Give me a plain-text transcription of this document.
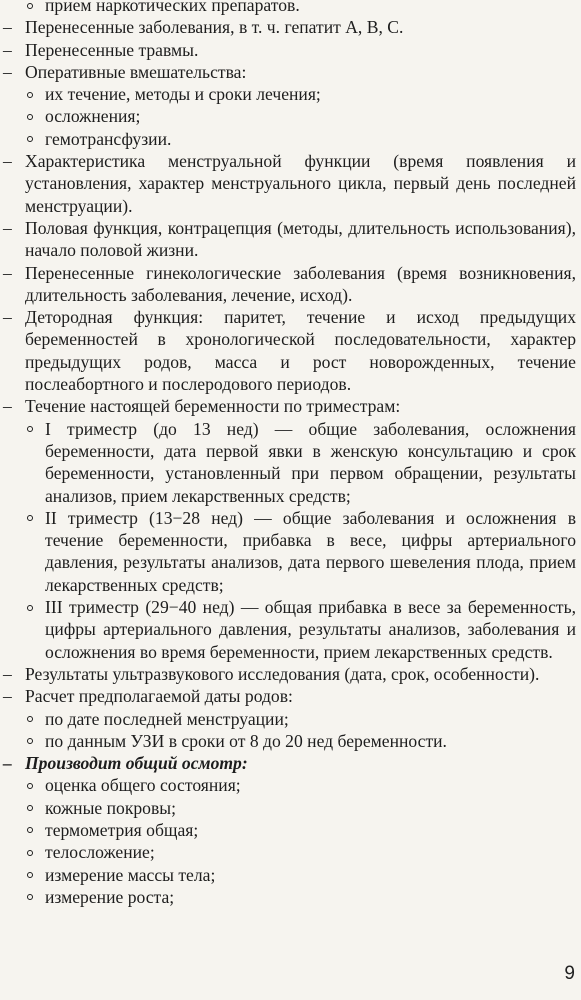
прием наркотических препаратов.
– Перенесенные заболевания, в т. ч. гепатит A, B, C.
– Перенесенные травмы.
– Оперативные вмешательства:
их течение, методы и сроки лечения;
осложнения;
гемотрансфузии.
– Характеристика менструальной функции (время появления и установления, характер менструального цикла, первый день последней менструации).
– Половая функция, контрацепция (методы, длительность использования), начало половой жизни.
– Перенесенные гинекологические заболевания (время возникновения, длительность заболевания, лечение, исход).
– Детородная функция: паритет, течение и исход предыдущих беременностей в хронологической последовательности, характер предыдущих родов, масса и рост новорожденных, течение послеабортного и послеродового периодов.
– Течение настоящей беременности по триместрам:
I триместр (до 13 нед) — общие заболевания, осложнения беременности, дата первой явки в женскую консультацию и срок беременности, установленный при первом обращении, результаты анализов, прием лекарственных средств;
II триместр (13−28 нед) — общие заболевания и осложнения в течение беременности, прибавка в весе, цифры артериального давления, результаты анализов, дата первого шевеления плода, прием лекарственных средств;
III триместр (29−40 нед) — общая прибавка в весе за беременность, цифры артериального давления, результаты анализов, заболевания и осложнения во время беременности, прием лекарственных средств.
– Результаты ультразвукового исследования (дата, срок, особенности).
– Расчет предполагаемой даты родов:
по дате последней менструации;
по данным УЗИ в сроки от 8 до 20 нед беременности.
– Производит общий осмотр:
оценка общего состояния;
кожные покровы;
термометрия общая;
телосложение;
измерение массы тела;
измерение роста;
9
